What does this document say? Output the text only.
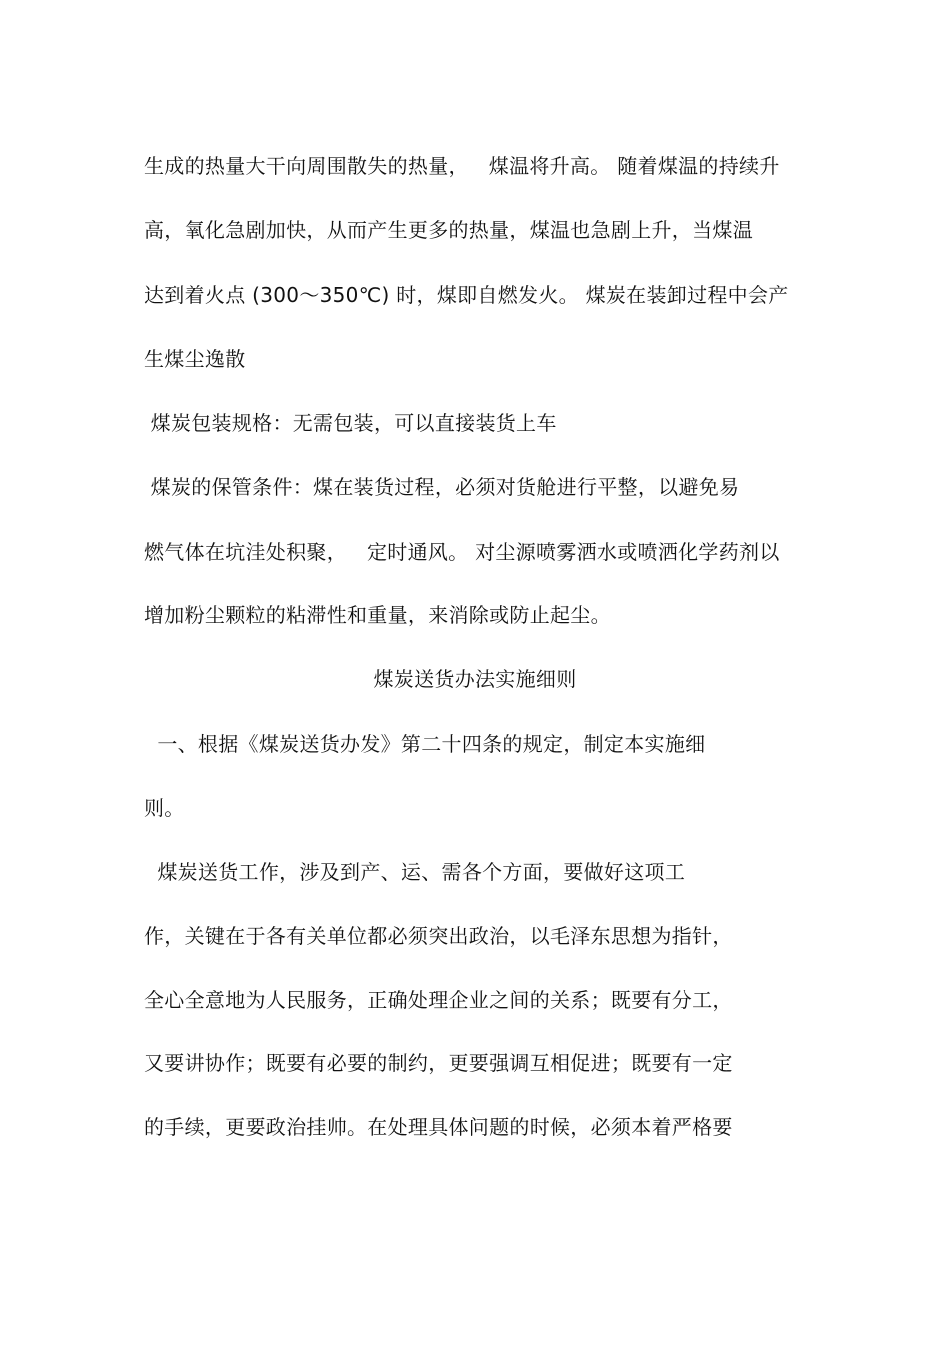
生成的热量大干向周围散失的热量，   煤温将升高。 随着煤温的持续升
高，氧化急剧加快，从而产生更多的热量，煤温也急剧上升，当煤温
达到着火点 (300～350℃) 时，煤即自燃发火。 煤炭在装卸过程中会产
生煤尘逸散
煤炭包装规格：无需包装，可以直接装货上车
煤炭的保管条件：煤在装货过程，必须对货舱进行平整，以避免易
燃气体在坑洼处积聚，   定时通风。 对尘源喷雾洒水或喷洒化学药剂以
增加粉尘颗粒的粘滞性和重量，来消除或防止起尘。
煤炭送货办法实施细则
一、根据《煤炭送货办发》第二十四条的规定，制定本实施细
则。
煤炭送货工作，涉及到产、运、需各个方面，要做好这项工
作，关键在于各有关单位都必须突出政治，以毛泽东思想为指针，
全心全意地为人民服务，正确处理企业之间的关系；既要有分工，
又要讲协作；既要有必要的制约，更要强调互相促进；既要有一定
的手续，更要政治挂帅。在处理具体问题的时候，必须本着严格要
